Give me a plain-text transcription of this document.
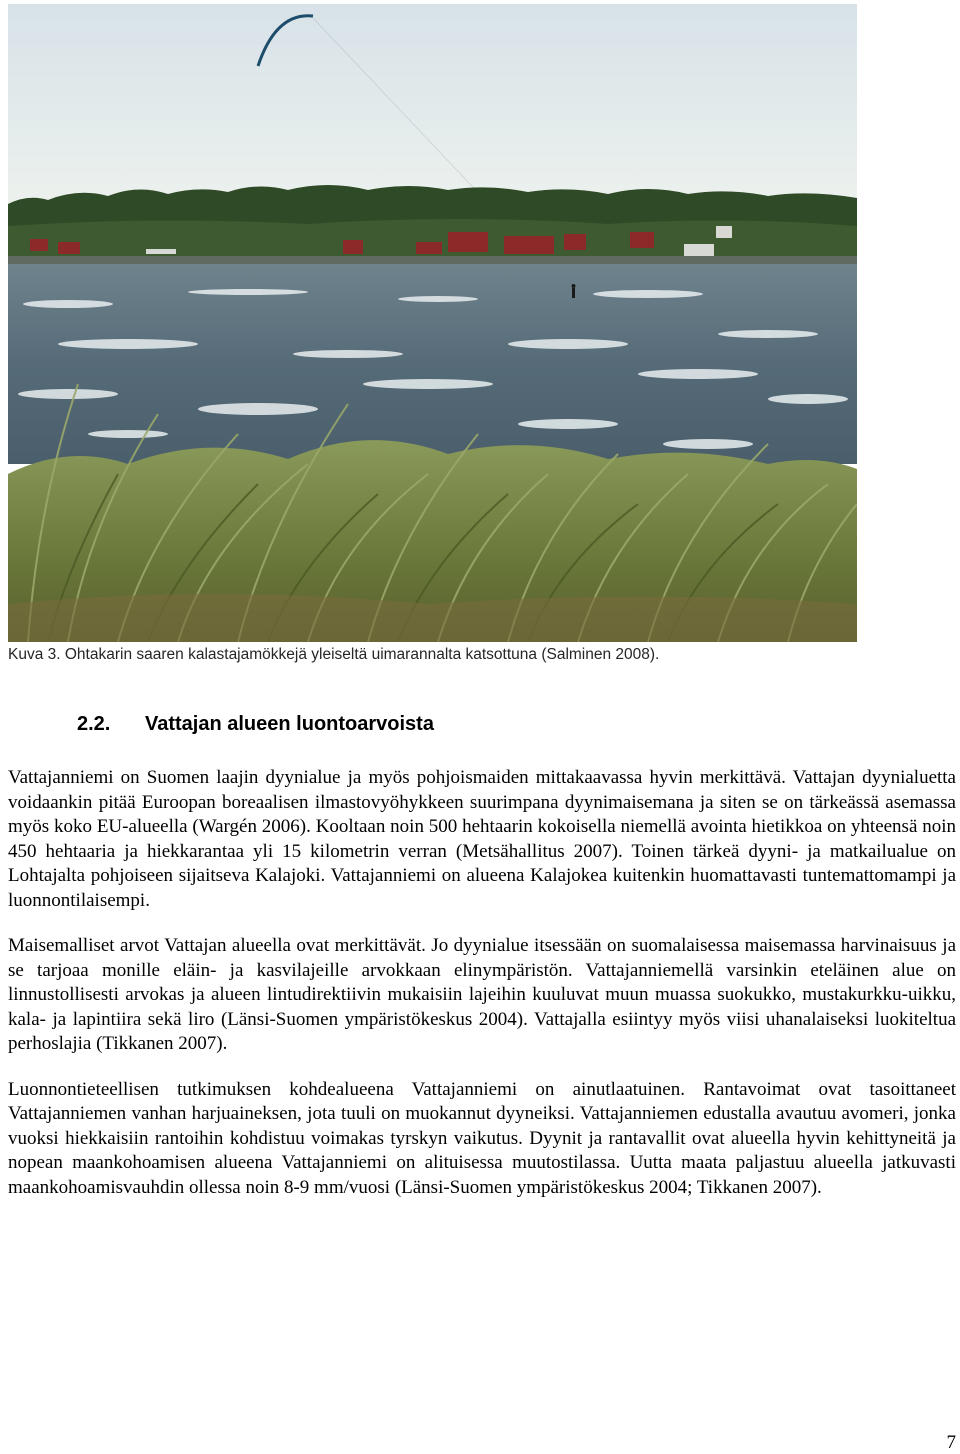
Kuva 3. Ohtakarin saaren kalastajamökkejä yleiseltä uimarannalta katsottuna (Salminen 2008).
2.2. Vattajan alueen luontoarvoista

Vattajanniemi on Suomen laajin dyynialue ja myös pohjoismaiden mittakaavassa hyvin merkittävä. Vattajan dyynialuetta voidaankin pitää Euroopan boreaalisen ilmastovyöhykkeen suurimpana dyynimaisemana ja siten se on tärkeässä asemassa myös koko EU-alueella (Wargén 2006). Kooltaan noin 500 hehtaarin kokoisella niemellä avointa hietikkoa on yhteensä noin 450 hehtaaria ja hiekkarantaa yli 15 kilometrin verran (Metsähallitus 2007). Toinen tärkeä dyyni- ja matkailualue on Lohtajalta pohjoiseen sijaitseva Kalajoki. Vattajanniemi on alueena Kalajokea kuitenkin huomattavasti tuntemattomampi ja luonnontilaisempi.

Maisemalliset arvot Vattajan alueella ovat merkittävät. Jo dyynialue itsessään on suomalaisessa maisemassa harvinaisuus ja se tarjoaa monille eläin- ja kasvilajeille arvokkaan elinympäristön. Vattajanniemellä varsinkin eteläinen alue on linnustollisesti arvokas ja alueen lintudirektiivin mukaisiin lajeihin kuuluvat muun muassa suokukko, mustakurkku-uikku, kala- ja lapintiira sekä liro (Länsi-Suomen ympäristökeskus 2004). Vattajalla esiintyy myös viisi uhanalaiseksi luokiteltua perhoslajia (Tikkanen 2007).

Luonnontieteellisen tutkimuksen kohdealueena Vattajanniemi on ainutlaatuinen. Rantavoimat ovat tasoittaneet Vattajanniemen vanhan harjuaineksen, jota tuuli on muokannut dyyneiksi. Vattajanniemen edustalla avautuu avomeri, jonka vuoksi hiekkaisiin rantoihin kohdistuu voimakas tyrskyn vaikutus. Dyynit ja rantavallit ovat alueella hyvin kehittyneitä ja nopean maankohoamisen alueena Vattajanniemi on alituisessa muutostilassa. Uutta maata paljastuu alueella jatkuvasti maankohoamisvauhdin ollessa noin 8-9 mm/vuosi (Länsi-Suomen ympäristökeskus 2004; Tikkanen 2007).

7
